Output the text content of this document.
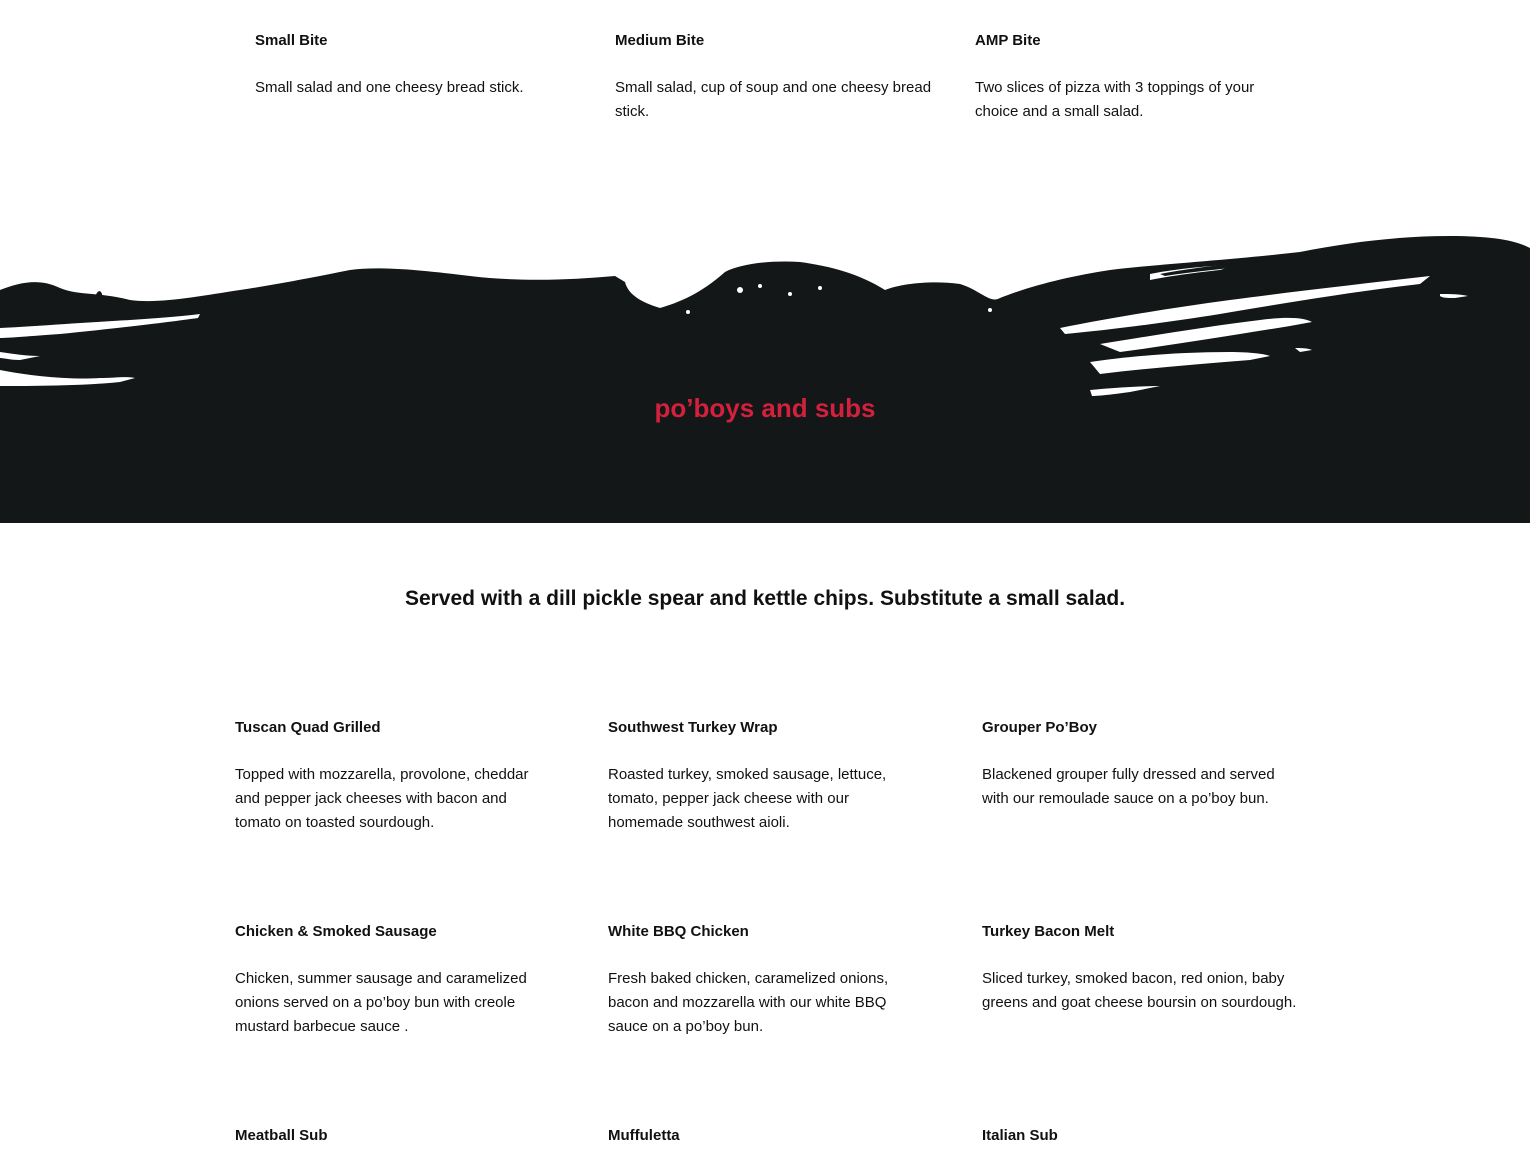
Small Bite

Small salad and one cheesy bread stick.

Medium Bite

Small salad, cup of soup and one cheesy bread stick.

AMP Bite

Two slices of pizza with 3 toppings of your choice and a small salad.

po’boys and subs

Served with a dill pickle spear and kettle chips. Substitute a small salad.

Tuscan Quad Grilled

Topped with mozzarella, provolone, cheddar and pepper jack cheeses with bacon and tomato on toasted sourdough.

Southwest Turkey Wrap

Roasted turkey, smoked sausage, lettuce, tomato, pepper jack cheese with our homemade southwest aioli.

Grouper Po’Boy

Blackened grouper fully dressed and served with our remoulade sauce on a po’boy bun.

Chicken & Smoked Sausage

Chicken, summer sausage and caramelized onions served on a po’boy bun with creole mustard barbecue sauce .

White BBQ Chicken

Fresh baked chicken, caramelized onions, bacon and mozzarella with our white BBQ sauce on a po’boy bun.

Turkey Bacon Melt

Sliced turkey, smoked bacon, red onion, baby greens and goat cheese boursin on sourdough.

Meatball Sub	Muffuletta	Italian Sub
